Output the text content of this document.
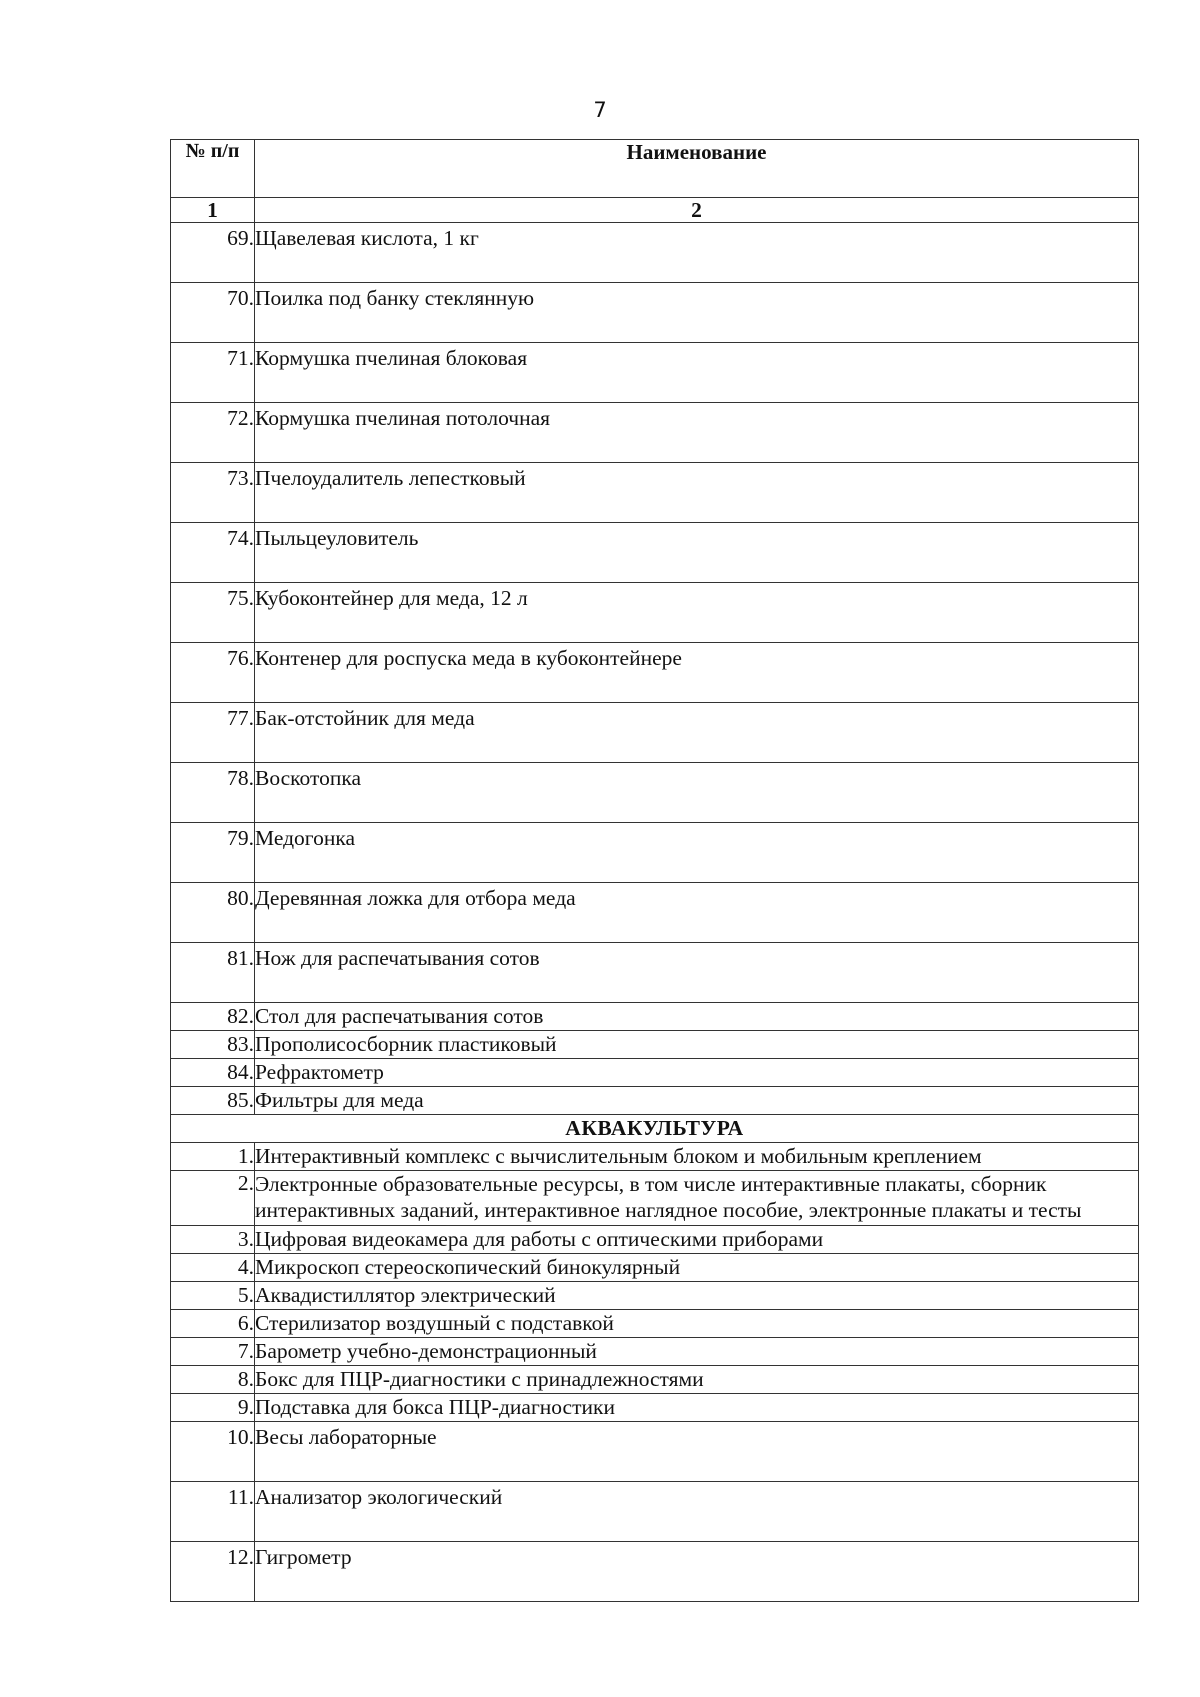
7
№ п/п	Наименование
1	2
69.	Щавелевая кислота, 1 кг
70.	Поилка под банку стеклянную
71.	Кормушка пчелиная блоковая
72.	Кормушка пчелиная потолочная
73.	Пчелоудалитель лепестковый
74.	Пыльцеуловитель
75.	Кубоконтейнер для меда, 12 л
76.	Контенер для роспуска меда в кубоконтейнере
77.	Бак-отстойник для меда
78.	Воскотопка
79.	Медогонка
80.	Деревянная ложка для отбора меда
81.	Нож для распечатывания сотов
82.	Стол для распечатывания сотов
83.	Прополисосборник пластиковый
84.	Рефрактометр
85.	Фильтры для меда
АКВАКУЛЬТУРА	
1.	Интерактивный комплекс с вычислительным блоком и мобильным креплением
2.	Электронные образовательные ресурсы, в том числе интерактивные плакаты, сборник интерактивных заданий, интерактивное наглядное пособие, электронные плакаты и тесты
3.	Цифровая видеокамера для работы с оптическими приборами
4.	Микроскоп стереоскопический бинокулярный
5.	Аквадистиллятор электрический
6.	Стерилизатор воздушный с подставкой
7.	Барометр учебно-демонстрационный
8.	Бокс для ПЦР-диагностики с принадлежностями
9.	Подставка для бокса ПЦР-диагностики
10.	Весы лабораторные
11.	Анализатор экологический
12.	Гигрометр
